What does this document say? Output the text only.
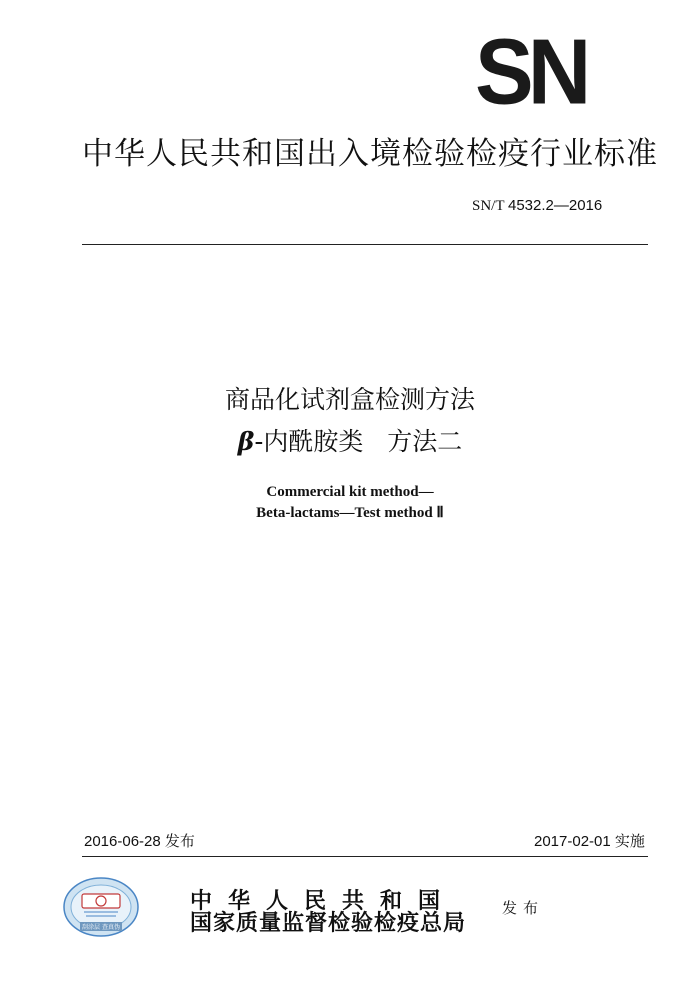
SN
中华人民共和国出入境检验检疫行业标准
SN/T 4532.2—2016
商品化试剂盒检测方法
β-内酰胺类   方法二
Commercial kit method—
Beta-lactams—Test method Ⅱ
2016-06-28 发布	2017-02-01 实施
刮涂层 查真伪
中华人民共和国
国家质量监督检验检疫总局
发布
